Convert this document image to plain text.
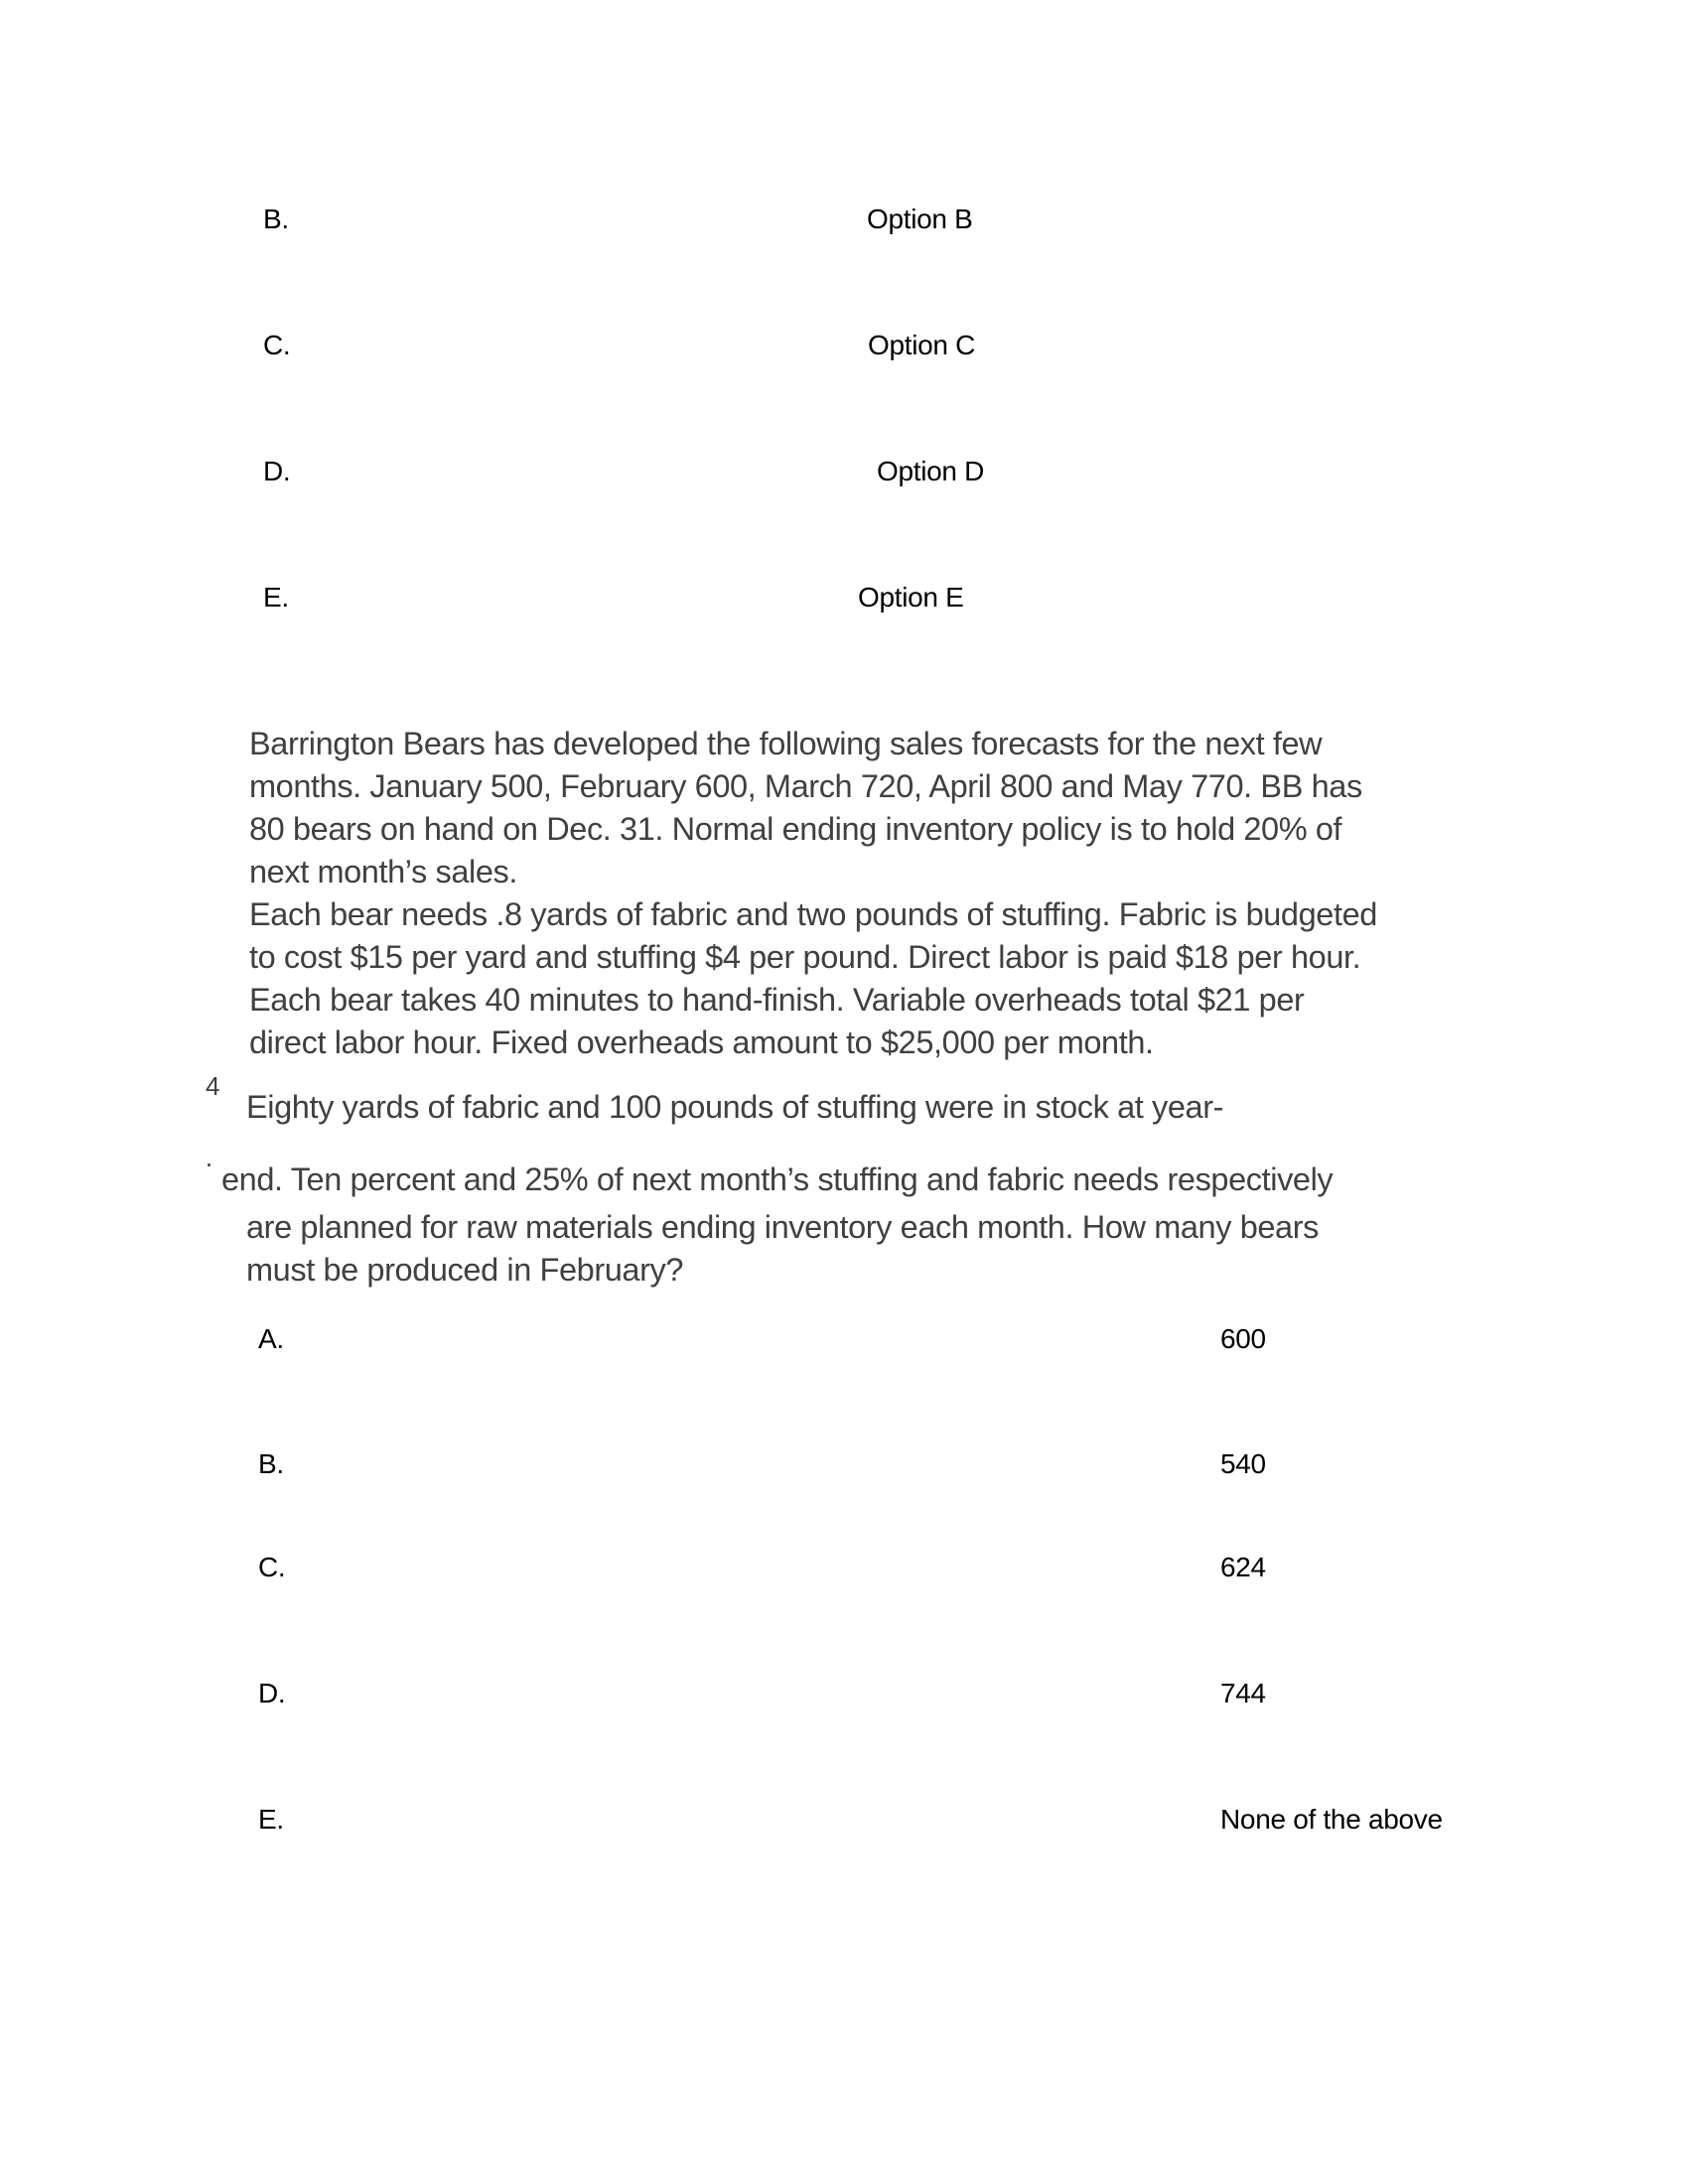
B.	Option B
C.	Option C
D.	Option D
E.	Option E
Barrington Bears has developed the following sales forecasts for the next few
months. January 500, February 600, March 720, April 800 and May 770. BB has
80 bears on hand on Dec. 31. Normal ending inventory policy is to hold 20% of
next month’s sales.
Each bear needs .8 yards of fabric and two pounds of stuffing. Fabric is budgeted
to cost $15 per yard and stuffing $4 per pound. Direct labor is paid $18 per hour.
Each bear takes 40 minutes to hand-finish. Variable overheads total $21 per
direct labor hour. Fixed overheads amount to $25,000 per month.
4
Eighty yards of fabric and 100 pounds of stuffing were in stock at year-
end. Ten percent and 25% of next month’s stuffing and fabric needs respectively
are planned for raw materials ending inventory each month. How many bears
must be produced in February?
A.	600
B.	540
C.	624
D.	744
E.	None of the above
